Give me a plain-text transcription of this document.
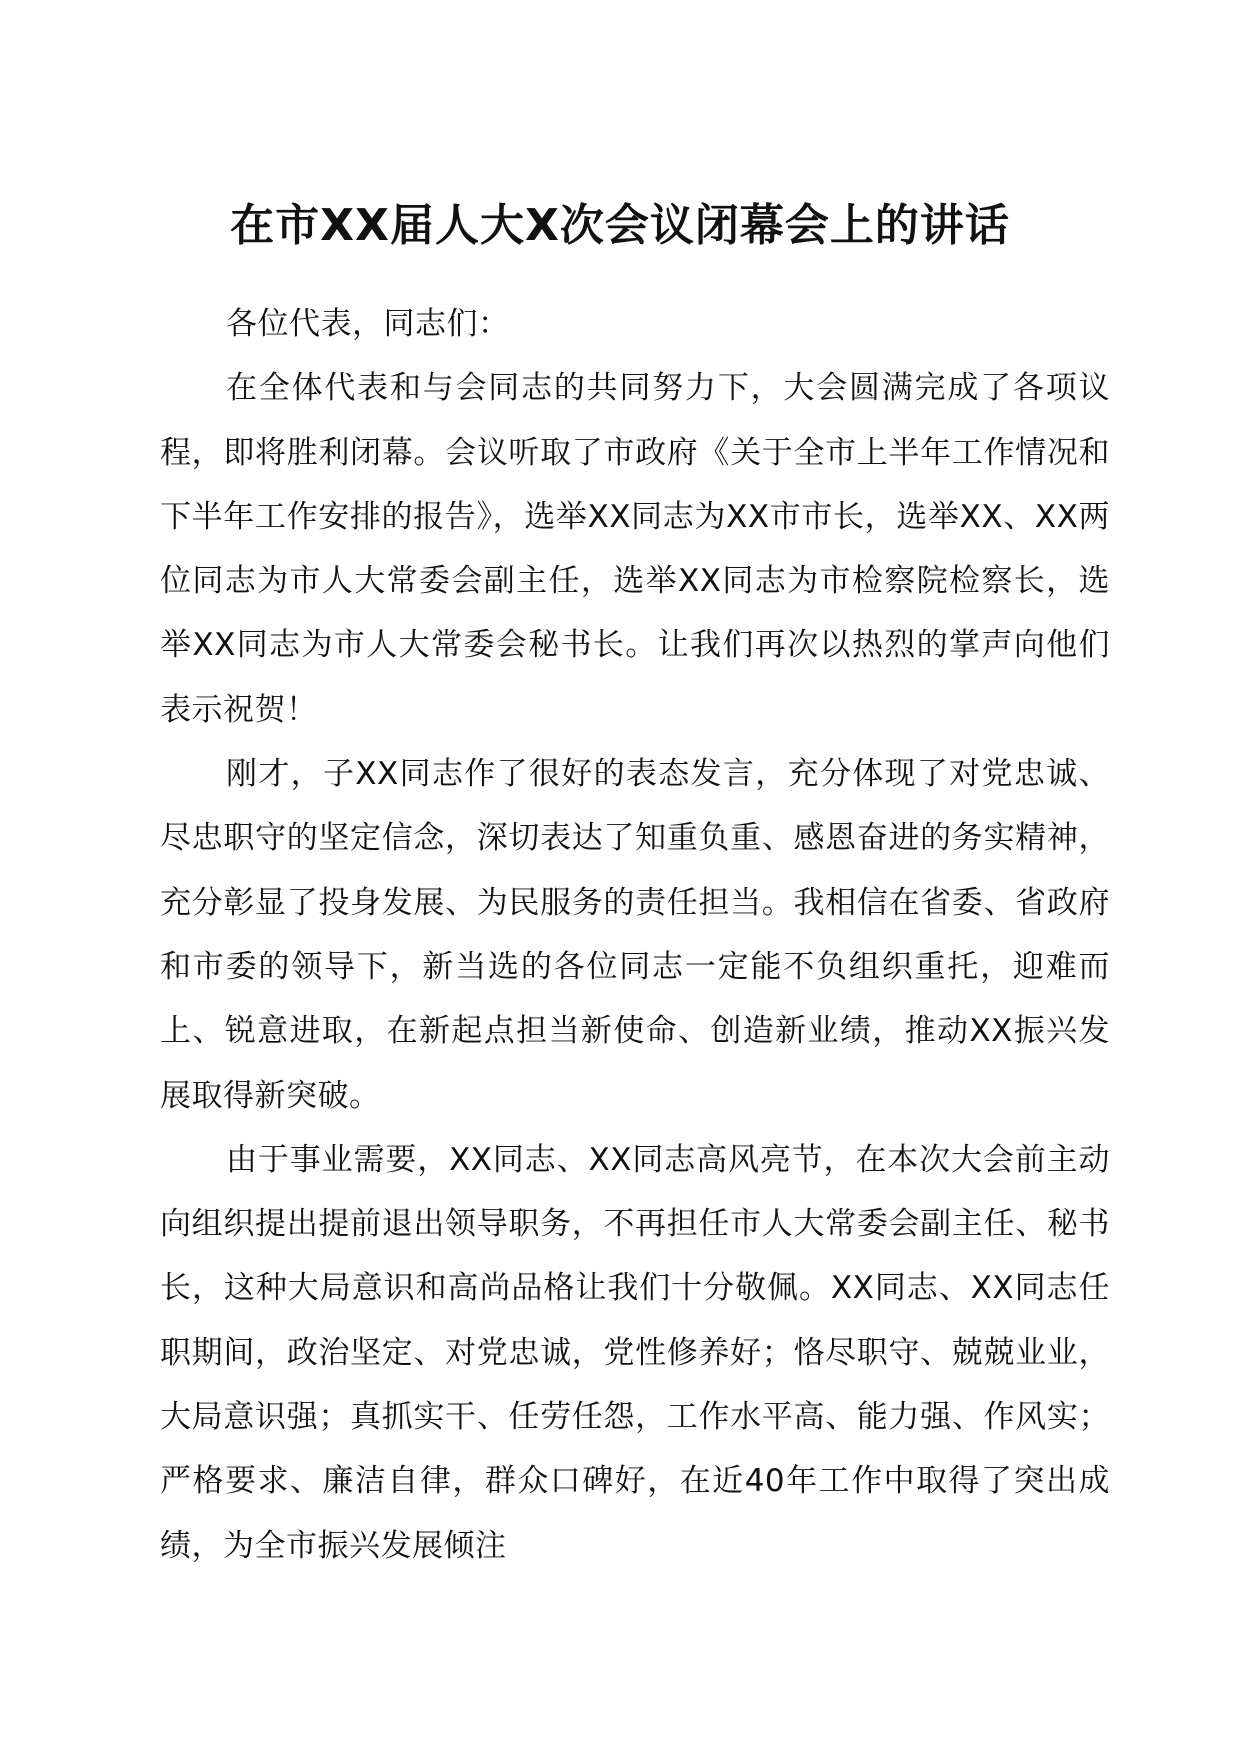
在市XX届人大X次会议闭幕会上的讲话

各位代表，同志们：

在全体代表和与会同志的共同努力下，大会圆满完成了各项议程，即将胜利闭幕。会议听取了市政府《关于全市上半年工作情况和下半年工作安排的报告》，选举XX同志为XX市市长，选举XX、XX两位同志为市人大常委会副主任，选举XX同志为市检察院检察长，选举XX同志为市人大常委会秘书长。让我们再次以热烈的掌声向他们表示祝贺！

刚才，子XX同志作了很好的表态发言，充分体现了对党忠诚、尽忠职守的坚定信念，深切表达了知重负重、感恩奋进的务实精神，充分彰显了投身发展、为民服务的责任担当。我相信在省委、省政府和市委的领导下，新当选的各位同志一定能不负组织重托，迎难而上、锐意进取，在新起点担当新使命、创造新业绩，推动XX振兴发展取得新突破。

由于事业需要，XX同志、XX同志高风亮节，在本次大会前主动向组织提出提前退出领导职务，不再担任市人大常委会副主任、秘书长，这种大局意识和高尚品格让我们十分敬佩。XX同志、XX同志任职期间，政治坚定、对党忠诚，党性修养好；恪尽职守、兢兢业业，大局意识强；真抓实干、任劳任怨，工作水平高、能力强、作风实；严格要求、廉洁自律，群众口碑好，在近40年工作中取得了突出成绩，为全市振兴发展倾注
